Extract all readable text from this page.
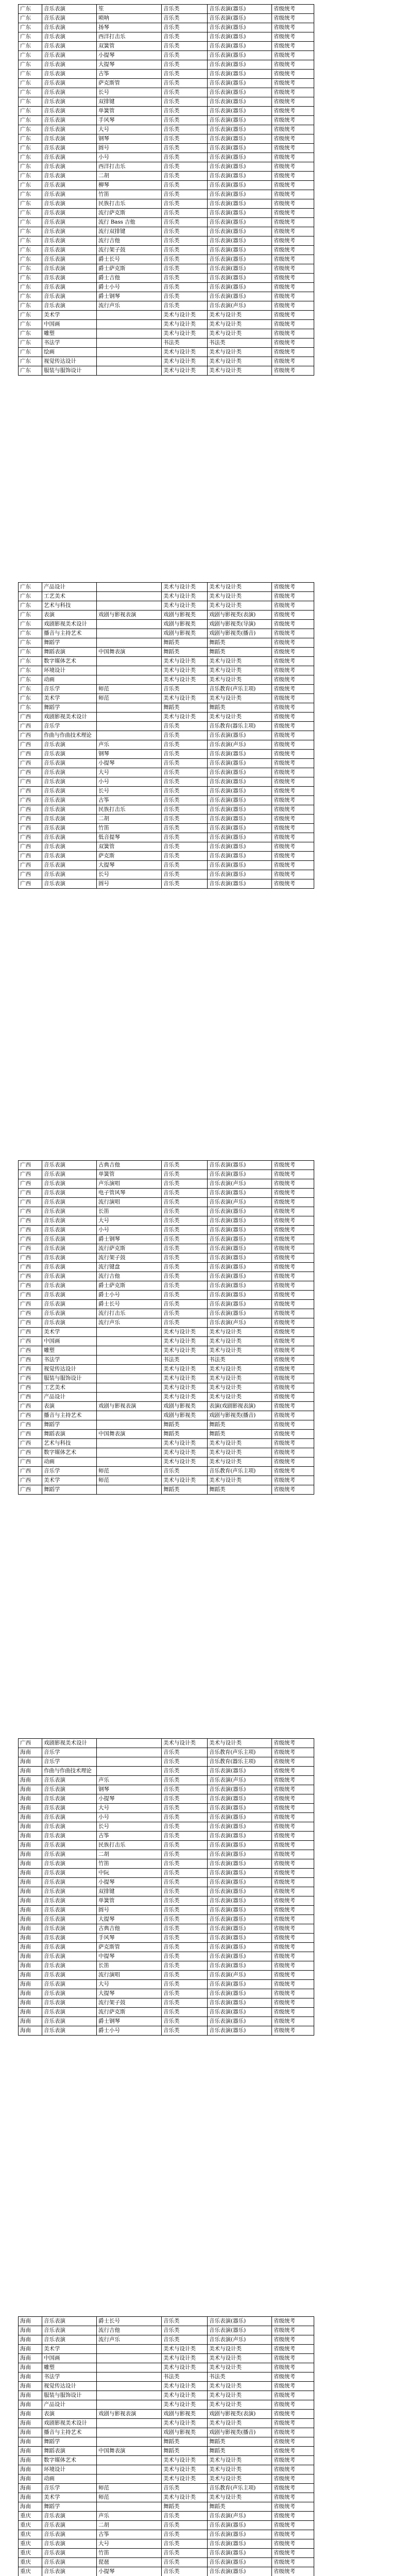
广东	音乐表演	笙	音乐类	音乐表演(器乐)	省级统考
广东	音乐表演	唢呐	音乐类	音乐表演(器乐)	省级统考
广东	音乐表演	扬琴	音乐类	音乐表演(器乐)	省级统考
广东	音乐表演	西洋打击乐	音乐类	音乐表演(器乐)	省级统考
广东	音乐表演	双簧管	音乐类	音乐表演(器乐)	省级统考
广东	音乐表演	小提琴	音乐类	音乐表演(器乐)	省级统考
广东	音乐表演	大提琴	音乐类	音乐表演(器乐)	省级统考
广东	音乐表演	古筝	音乐类	音乐表演(器乐)	省级统考
广东	音乐表演	萨克斯管	音乐类	音乐表演(器乐)	省级统考
广东	音乐表演	长号	音乐类	音乐表演(器乐)	省级统考
广东	音乐表演	双排键	音乐类	音乐表演(器乐)	省级统考
广东	音乐表演	单簧管	音乐类	音乐表演(器乐)	省级统考
广东	音乐表演	手风琴	音乐类	音乐表演(器乐)	省级统考
广东	音乐表演	大号	音乐类	音乐表演(器乐)	省级统考
广东	音乐表演	钢琴	音乐类	音乐表演(器乐)	省级统考
广东	音乐表演	圆号	音乐类	音乐表演(器乐)	省级统考
广东	音乐表演	小号	音乐类	音乐表演(器乐)	省级统考
广东	音乐表演	西洋打击乐	音乐类	音乐表演(器乐)	省级统考
广东	音乐表演	二胡	音乐类	音乐表演(器乐)	省级统考
广东	音乐表演	柳琴	音乐类	音乐表演(器乐)	省级统考
广东	音乐表演	竹笛	音乐类	音乐表演(器乐)	省级统考
广东	音乐表演	民族打击乐	音乐类	音乐表演(器乐)	省级统考
广东	音乐表演	流行萨克斯	音乐类	音乐表演(器乐)	省级统考
广东	音乐表演	流行 Bass 吉他	音乐类	音乐表演(器乐)	省级统考
广东	音乐表演	流行双排键	音乐类	音乐表演(器乐)	省级统考
广东	音乐表演	流行吉他	音乐类	音乐表演(器乐)	省级统考
广东	音乐表演	流行架子鼓	音乐类	音乐表演(器乐)	省级统考
广东	音乐表演	爵士长号	音乐类	音乐表演(器乐)	省级统考
广东	音乐表演	爵士萨克斯	音乐类	音乐表演(器乐)	省级统考
广东	音乐表演	爵士吉他	音乐类	音乐表演(器乐)	省级统考
广东	音乐表演	爵士小号	音乐类	音乐表演(器乐)	省级统考
广东	音乐表演	爵士钢琴	音乐类	音乐表演(器乐)	省级统考
广东	音乐表演	流行声乐	音乐类	音乐表演(声乐)	省级统考
广东	美术学		美术与设计类	美术与设计类	省级统考
广东	中国画		美术与设计类	美术与设计类	省级统考
广东	雕塑		美术与设计类	美术与设计类	省级统考
广东	书法学		书法类	书法类	省级统考
广东	绘画		美术与设计类	美术与设计类	省级统考
广东	视觉传达设计		美术与设计类	美术与设计类	省级统考
广东	服装与服饰设计		美术与设计类	美术与设计类	省级统考
广东	产品设计		美术与设计类	美术与设计类	省级统考
广东	工艺美术		美术与设计类	美术与设计类	省级统考
广东	艺术与科技		美术与设计类	美术与设计类	省级统考
广东	表演	戏剧与影视表演	戏剧与影视类	戏剧与影视类(表演)	省级统考
广东	戏剧影视美术设计		戏剧与影视类	戏剧与影视类(导演)	省级统考
广东	播音与主持艺术		戏剧与影视类	戏剧与影视类(播音)	省级统考
广东	舞蹈学		舞蹈类	舞蹈类	省级统考
广东	舞蹈表演	中国舞表演	舞蹈类	舞蹈类	省级统考
广东	数字媒体艺术		美术与设计类	美术与设计类	省级统考
广东	环境设计		美术与设计类	美术与设计类	省级统考
广东	动画		美术与设计类	美术与设计类	省级统考
广东	音乐学	师范	音乐类	音乐教育(声乐主项)	省级统考
广东	美术学	师范	美术与设计类	美术与设计类	省级统考
广东	舞蹈学		舞蹈类	舞蹈类	省级统考
广西	戏剧影视美术设计		美术与设计类	美术与设计类	省级统考
广西	音乐学		音乐类	音乐教育(器乐主项)	省级统考
广西	作曲与作曲技术理论		音乐类	音乐表演(器乐)	省级统考
广西	音乐表演	声乐	音乐类	音乐表演(声乐)	省级统考
广西	音乐表演	钢琴	音乐类	音乐表演(器乐)	省级统考
广西	音乐表演	小提琴	音乐类	音乐表演(器乐)	省级统考
广西	音乐表演	大号	音乐类	音乐表演(器乐)	省级统考
广西	音乐表演	小号	音乐类	音乐表演(器乐)	省级统考
广西	音乐表演	长号	音乐类	音乐表演(器乐)	省级统考
广西	音乐表演	古筝	音乐类	音乐表演(器乐)	省级统考
广西	音乐表演	民族打击乐	音乐类	音乐表演(器乐)	省级统考
广西	音乐表演	二胡	音乐类	音乐表演(器乐)	省级统考
广西	音乐表演	竹笛	音乐类	音乐表演(器乐)	省级统考
广西	音乐表演	低音提琴	音乐类	音乐表演(器乐)	省级统考
广西	音乐表演	双簧管	音乐类	音乐表演(器乐)	省级统考
广西	音乐表演	萨克斯	音乐类	音乐表演(器乐)	省级统考
广西	音乐表演	大提琴	音乐类	音乐表演(器乐)	省级统考
广西	音乐表演	长号	音乐类	音乐表演(器乐)	省级统考
广西	音乐表演	圆号	音乐类	音乐表演(器乐)	省级统考
广西	音乐表演	古典吉他	音乐类	音乐表演(器乐)	省级统考
广西	音乐表演	单簧管	音乐类	音乐表演(器乐)	省级统考
广西	音乐表演	声乐演唱	音乐类	音乐表演(声乐)	省级统考
广西	音乐表演	电子管风琴	音乐类	音乐表演(器乐)	省级统考
广西	音乐表演	流行演唱	音乐类	音乐表演(声乐)	省级统考
广西	音乐表演	长笛	音乐类	音乐表演(器乐)	省级统考
广西	音乐表演	大号	音乐类	音乐表演(器乐)	省级统考
广西	音乐表演	小号	音乐类	音乐表演(器乐)	省级统考
广西	音乐表演	爵士钢琴	音乐类	音乐表演(器乐)	省级统考
广西	音乐表演	流行萨克斯	音乐类	音乐表演(器乐)	省级统考
广西	音乐表演	流行架子鼓	音乐类	音乐表演(器乐)	省级统考
广西	音乐表演	流行键盘	音乐类	音乐表演(器乐)	省级统考
广西	音乐表演	流行吉他	音乐类	音乐表演(器乐)	省级统考
广西	音乐表演	爵士萨克斯	音乐类	音乐表演(器乐)	省级统考
广西	音乐表演	爵士小号	音乐类	音乐表演(器乐)	省级统考
广西	音乐表演	爵士长号	音乐类	音乐表演(器乐)	省级统考
广西	音乐表演	流行打击乐	音乐类	音乐表演(器乐)	省级统考
广西	音乐表演	流行声乐	音乐类	音乐表演(声乐)	省级统考
广西	美术学		美术与设计类	美术与设计类	省级统考
广西	中国画		美术与设计类	美术与设计类	省级统考
广西	雕塑		美术与设计类	美术与设计类	省级统考
广西	书法学		书法类	书法类	省级统考
广西	视觉传达设计		美术与设计类	美术与设计类	省级统考
广西	服装与服饰设计		美术与设计类	美术与设计类	省级统考
广西	工艺美术		美术与设计类	美术与设计类	省级统考
广西	产品设计		美术与设计类	美术与设计类	省级统考
广西	表演	戏剧与影视表演	戏剧与影视类	表演(戏剧影视表演)	省级统考
广西	播音与主持艺术		戏剧与影视类	戏剧与影视类(播音)	省级统考
广西	舞蹈学		舞蹈类	舞蹈类	省级统考
广西	舞蹈表演	中国舞表演	舞蹈类	舞蹈类	省级统考
广西	艺术与科技		美术与设计类	美术与设计类	省级统考
广西	数字媒体艺术		美术与设计类	美术与设计类	省级统考
广西	动画		美术与设计类	美术与设计类	省级统考
广西	音乐学	师范	音乐类	音乐教育(声乐主项)	省级统考
广西	美术学	师范	美术与设计类	美术与设计类	省级统考
广西	舞蹈学		舞蹈类	舞蹈类	省级统考
广西	戏剧影视美术设计		美术与设计类	美术与设计类	省级统考
海南	音乐学		音乐类	音乐教育(声乐主项)	省级统考
海南	音乐学		音乐类	音乐教育(器乐主项)	省级统考
海南	作曲与作曲技术理论		音乐类	音乐表演(器乐)	省级统考
海南	音乐表演	声乐	音乐类	音乐表演(声乐)	省级统考
海南	音乐表演	钢琴	音乐类	音乐表演(器乐)	省级统考
海南	音乐表演	小提琴	音乐类	音乐表演(器乐)	省级统考
海南	音乐表演	大号	音乐类	音乐表演(器乐)	省级统考
海南	音乐表演	小号	音乐类	音乐表演(器乐)	省级统考
海南	音乐表演	长号	音乐类	音乐表演(器乐)	省级统考
海南	音乐表演	古筝	音乐类	音乐表演(器乐)	省级统考
海南	音乐表演	民族打击乐	音乐类	音乐表演(器乐)	省级统考
海南	音乐表演	二胡	音乐类	音乐表演(器乐)	省级统考
海南	音乐表演	竹笛	音乐类	音乐表演(器乐)	省级统考
海南	音乐表演	中阮	音乐类	音乐表演(器乐)	省级统考
海南	音乐表演	小提琴	音乐类	音乐表演(器乐)	省级统考
海南	音乐表演	双排键	音乐类	音乐表演(器乐)	省级统考
海南	音乐表演	单簧管	音乐类	音乐表演(器乐)	省级统考
海南	音乐表演	圆号	音乐类	音乐表演(器乐)	省级统考
海南	音乐表演	大提琴	音乐类	音乐表演(器乐)	省级统考
海南	音乐表演	古典吉他	音乐类	音乐表演(器乐)	省级统考
海南	音乐表演	手风琴	音乐类	音乐表演(器乐)	省级统考
海南	音乐表演	萨克斯管	音乐类	音乐表演(器乐)	省级统考
海南	音乐表演	中提琴	音乐类	音乐表演(器乐)	省级统考
海南	音乐表演	长笛	音乐类	音乐表演(器乐)	省级统考
海南	音乐表演	流行演唱	音乐类	音乐表演(声乐)	省级统考
海南	音乐表演	大号	音乐类	音乐表演(器乐)	省级统考
海南	音乐表演	大提琴	音乐类	音乐表演(器乐)	省级统考
海南	音乐表演	流行架子鼓	音乐类	音乐表演(器乐)	省级统考
海南	音乐表演	流行萨克斯	音乐类	音乐表演(器乐)	省级统考
海南	音乐表演	爵士钢琴	音乐类	音乐表演(器乐)	省级统考
海南	音乐表演	爵士小号	音乐类	音乐表演(器乐)	省级统考
海南	音乐表演	爵士长号	音乐类	音乐表演(器乐)	省级统考
海南	音乐表演	流行吉他	音乐类	音乐表演(器乐)	省级统考
海南	音乐表演	流行声乐	音乐类	音乐表演(声乐)	省级统考
海南	美术学		美术与设计类	美术与设计类	省级统考
海南	中国画		美术与设计类	美术与设计类	省级统考
海南	雕塑		美术与设计类	美术与设计类	省级统考
海南	书法学		书法类	书法类	省级统考
海南	视觉传达设计		美术与设计类	美术与设计类	省级统考
海南	服装与服饰设计		美术与设计类	美术与设计类	省级统考
海南	产品设计		美术与设计类	美术与设计类	省级统考
海南	表演	戏剧与影视表演	戏剧与影视类	戏剧与影视类(表演)	省级统考
海南	戏剧影视美术设计		美术与设计类	美术与设计类	省级统考
海南	播音与主持艺术		戏剧与影视类	戏剧与影视类(播音)	省级统考
海南	舞蹈学		舞蹈类	舞蹈类	省级统考
海南	舞蹈表演	中国舞表演	舞蹈类	舞蹈类	省级统考
海南	数字媒体艺术		美术与设计类	美术与设计类	省级统考
海南	环境设计		美术与设计类	美术与设计类	省级统考
海南	动画		美术与设计类	美术与设计类	省级统考
海南	音乐学	师范	音乐类	音乐教育(声乐主项)	省级统考
海南	美术学	师范	美术与设计类	美术与设计类	省级统考
海南	舞蹈学		舞蹈类	舞蹈类	省级统考
重庆	音乐表演	声乐	音乐类	音乐表演(声乐)	省级统考
重庆	音乐表演	二胡	音乐类	音乐表演(器乐)	省级统考
重庆	音乐表演	古筝	音乐类	音乐表演(器乐)	省级统考
重庆	音乐表演	大号	音乐类	音乐表演(器乐)	省级统考
重庆	音乐表演	竹笛	音乐类	音乐表演(器乐)	省级统考
重庆	音乐表演	琵琶	音乐类	音乐表演(器乐)	省级统考
重庆	音乐表演	小提琴	音乐类	音乐表演(器乐)	省级统考
